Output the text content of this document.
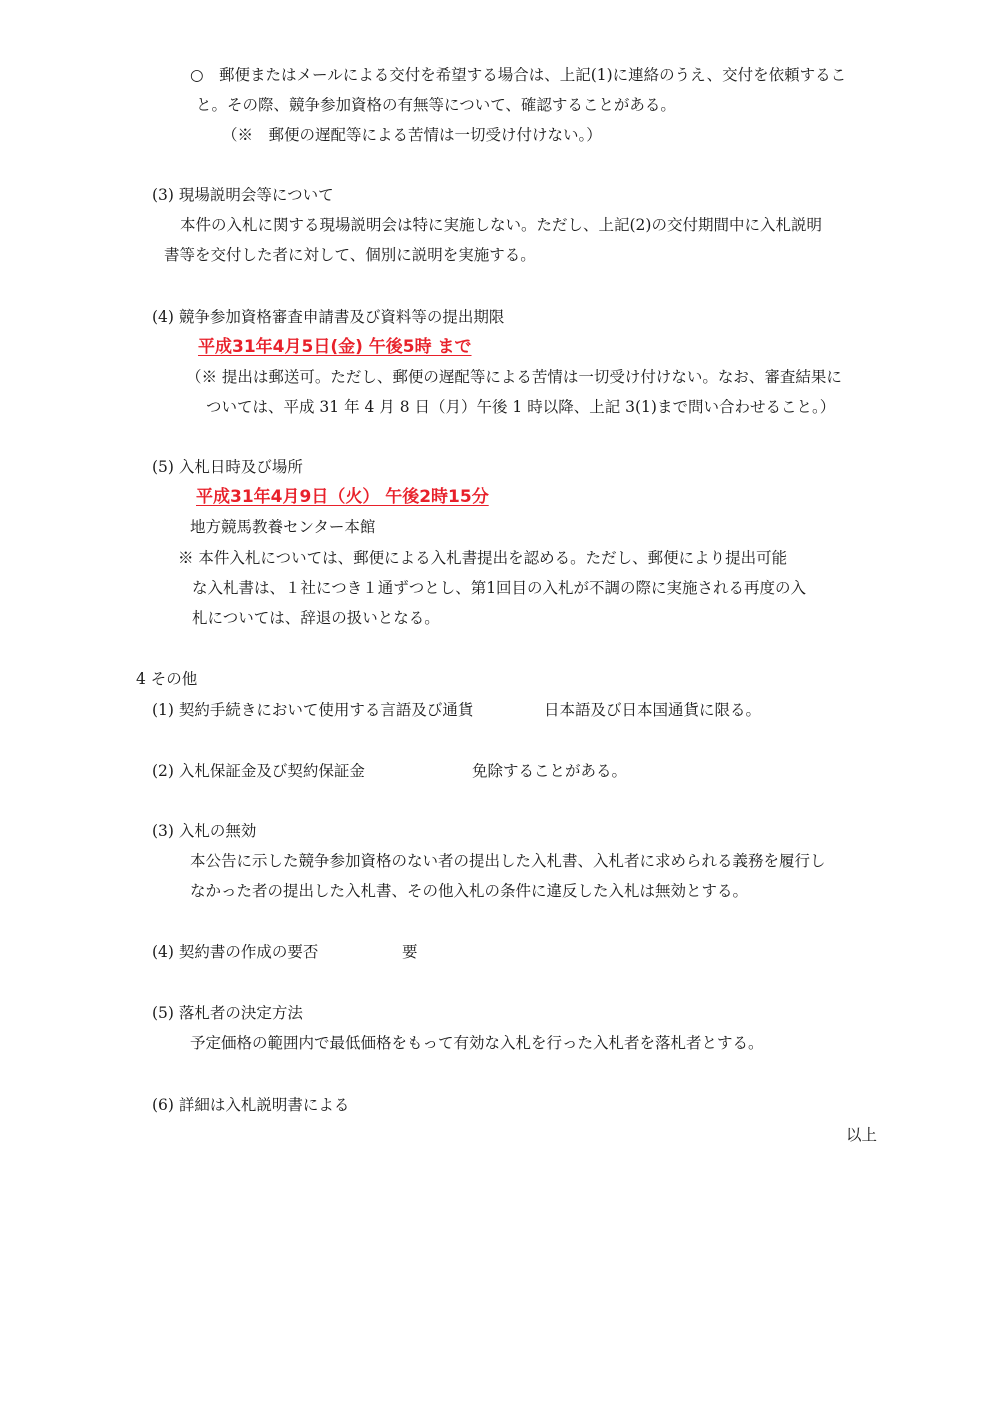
○　郵便またはメールによる交付を希望する場合は、上記(1)に連絡のうえ、交付を依頼するこ
と。その際、競争参加資格の有無等について、確認することがある。
（※　郵便の遅配等による苦情は一切受け付けない。）
(3) 現場説明会等について
本件の入札に関する現場説明会は特に実施しない。ただし、上記(2)の交付期間中に入札説明
書等を交付した者に対して、個別に説明を実施する。
(4) 競争参加資格審査申請書及び資料等の提出期限
平成31年4月5日(金) 午後5時 まで
（※ 提出は郵送可。ただし、郵便の遅配等による苦情は一切受け付けない。なお、審査結果に
ついては、平成 31 年 4 月 8 日（月）午後 1 時以降、上記 3(1)まで問い合わせること。）
(5) 入札日時及び場所
平成31年4月9日（火） 午後2時15分
地方競馬教養センター本館
※ 本件入札については、郵便による入札書提出を認める。ただし、郵便により提出可能
な入札書は、１社につき１通ずつとし、第1回目の入札が不調の際に実施される再度の入
札については、辞退の扱いとなる。
4 その他
(1) 契約手続きにおいて使用する言語及び通貨	日本語及び日本国通貨に限る。
(2) 入札保証金及び契約保証金	免除することがある。
(3) 入札の無効
本公告に示した競争参加資格のない者の提出した入札書、入札者に求められる義務を履行し
なかった者の提出した入札書、その他入札の条件に違反した入札は無効とする。
(4) 契約書の作成の要否	要
(5) 落札者の決定方法
予定価格の範囲内で最低価格をもって有効な入札を行った入札者を落札者とする。
(6) 詳細は入札説明書による
以上
